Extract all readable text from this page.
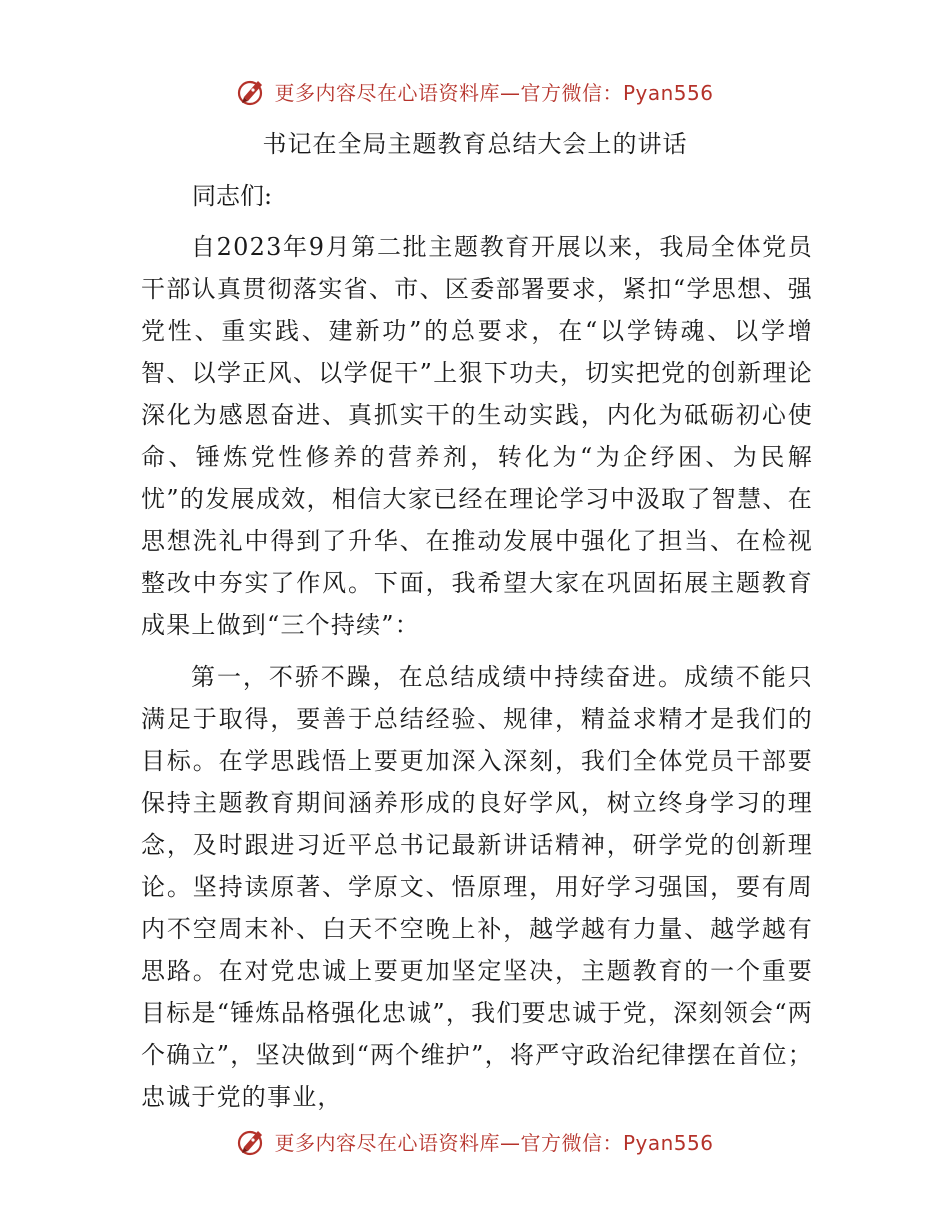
更多内容尽在心语资料库—官方微信：Pyan556
书记在全局主题教育总结大会上的讲话

同志们:

自2023年9月第二批主题教育开展以来，我局全体党员干部认真贯彻落实省、市、区委部署要求，紧扣“学思想、强党性、重实践、建新功”的总要求，在“以学铸魂、以学增智、以学正风、以学促干”上狠下功夫，切实把党的创新理论深化为感恩奋进、真抓实干的生动实践，内化为砥砺初心使命、锤炼党性修养的营养剂，转化为“为企纾困、为民解忧”的发展成效，相信大家已经在理论学习中汲取了智慧、在思想洗礼中得到了升华、在推动发展中强化了担当、在检视整改中夯实了作风。下面，我希望大家在巩固拓展主题教育成果上做到“三个持续”：

第一，不骄不躁，在总结成绩中持续奋进。成绩不能只满足于取得，要善于总结经验、规律，精益求精才是我们的目标。在学思践悟上要更加深入深刻，我们全体党员干部要保持主题教育期间涵养形成的良好学风，树立终身学习的理念，及时跟进习近平总书记最新讲话精神，研学党的创新理论。坚持读原著、学原文、悟原理，用好学习强国，要有周内不空周末补、白天不空晚上补，越学越有力量、越学越有思路。在对党忠诚上要更加坚定坚决，主题教育的一个重要目标是“锤炼品格强化忠诚”，我们要忠诚于党，深刻领会“两个确立”，坚决做到“两个维护”，将严守政治纪律摆在首位；忠诚于党的事业，

更多内容尽在心语资料库—官方微信：Pyan556
